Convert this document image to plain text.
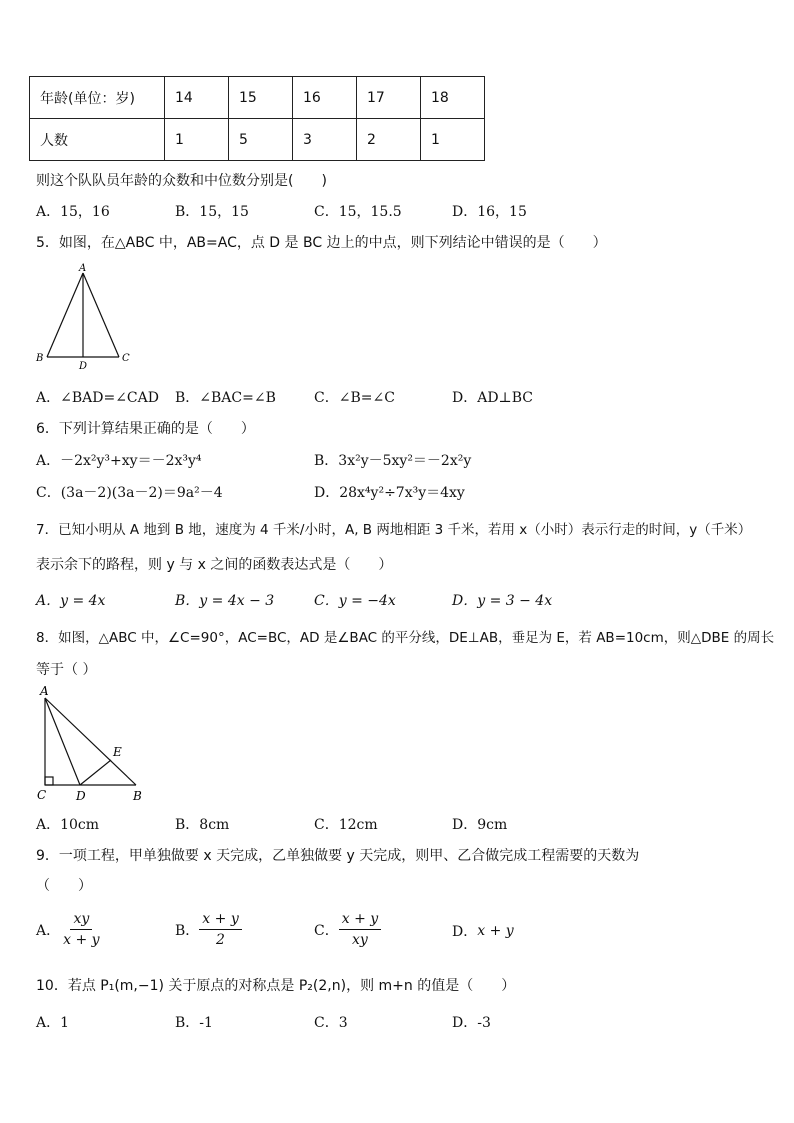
年龄(单位：岁)	14	15	16	17	18
人数	1	5	3	2	1
则这个队队员年龄的众数和中位数分别是(　　)
A．15，16	B．15，15	C．15，15.5	D．16，15
5．如图，在△ABC 中，AB=AC，点 D 是 BC 边上的中点，则下列结论中错误的是（　　）
A
B
D
C
A．∠BAD=∠CAD B．∠BAC=∠B	C．∠B=∠C	D．AD⊥BC
6．下列计算结果正确的是（　　）
A．－2x²y³+xy＝－2x³y⁴	B．3x²y－5xy²＝－2x²y
C．(3a－2)(3a－2)＝9a²－4	D．28x⁴y²÷7x³y＝4xy
7．已知小明从 A 地到 B 地，速度为 4 千米/小时，A, B 两地相距 3 千米，若用 x（小时）表示行走的时间，y（千米）
表示余下的路程，则 y 与 x 之间的函数表达式是（　　）
A．y = 4x	B．y = 4x − 3	C．y = −4x	D．y = 3 − 4x
8．如图，△ABC 中，∠C=90°，AC=BC，AD 是∠BAC 的平分线，DE⊥AB，垂足为 E，若 AB=10cm，则△DBE 的周长
等于（ ）
A
E
C D	B
A．10cm	B．8cm	C．12cm	D．9cm
9．一项工程，甲单独做要 x 天完成，乙单独做要 y 天完成，则甲、乙合做完成工程需要的天数为
（　　）
A． $\frac{xy}{x + y}$	B． $\frac{x + y}{2}$	C． $\frac{x + y}{xy}$	D． x + y
10．若点 P₁(m,−1) 关于原点的对称点是 P₂(2,n)，则 m+n 的值是（　　）
A．1	B．-1	C．3	D．-3
